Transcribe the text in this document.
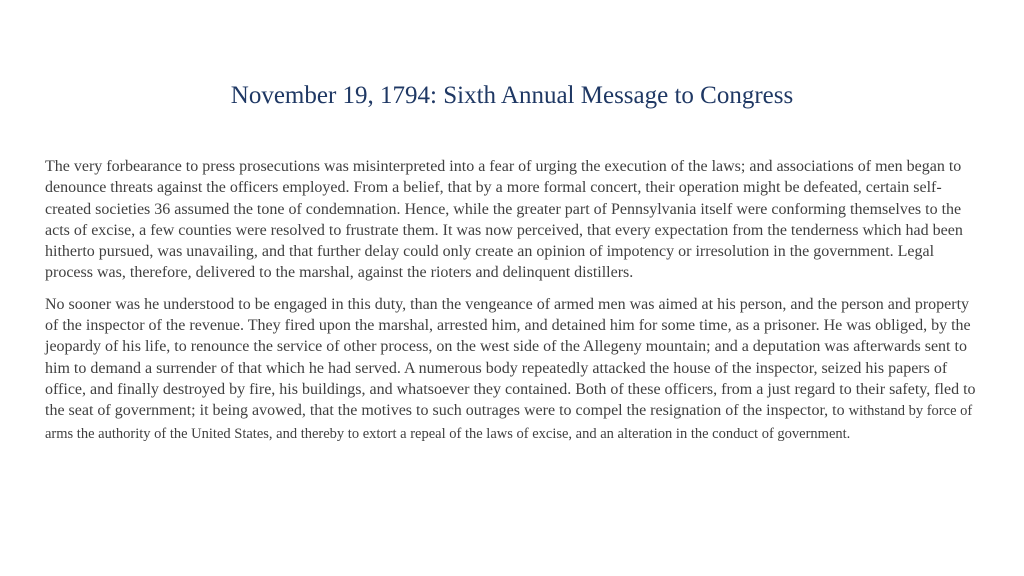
November 19, 1794: Sixth Annual Message to Congress

The very forbearance to press prosecutions was misinterpreted into a fear of urging the execution of the laws; and associations of men began to denounce threats against the officers employed. From a belief, that by a more formal concert, their operation might be defeated, certain self-created societies 36 assumed the tone of condemnation. Hence, while the greater part of Pennsylvania itself were conforming themselves to the acts of excise, a few counties were resolved to frustrate them. It was now perceived, that every expectation from the tenderness which had been hitherto pursued, was unavailing, and that further delay could only create an opinion of impotency or irresolution in the government. Legal process was, therefore, delivered to the marshal, against the rioters and delinquent distillers.

No sooner was he understood to be engaged in this duty, than the vengeance of armed men was aimed at his person, and the person and property of the inspector of the revenue. They fired upon the marshal, arrested him, and detained him for some time, as a prisoner. He was obliged, by the jeopardy of his life, to renounce the service of other process, on the west side of the Allegeny mountain; and a deputation was afterwards sent to him to demand a surrender of that which he had served. A numerous body repeatedly attacked the house of the inspector, seized his papers of office, and finally destroyed by fire, his buildings, and whatsoever they contained. Both of these officers, from a just regard to their safety, fled to the seat of government; it being avowed, that the motives to such outrages were to compel the resignation of the inspector, to withstand by force of arms the authority of the United States, and thereby to extort a repeal of the laws of excise, and an alteration in the conduct of government.
